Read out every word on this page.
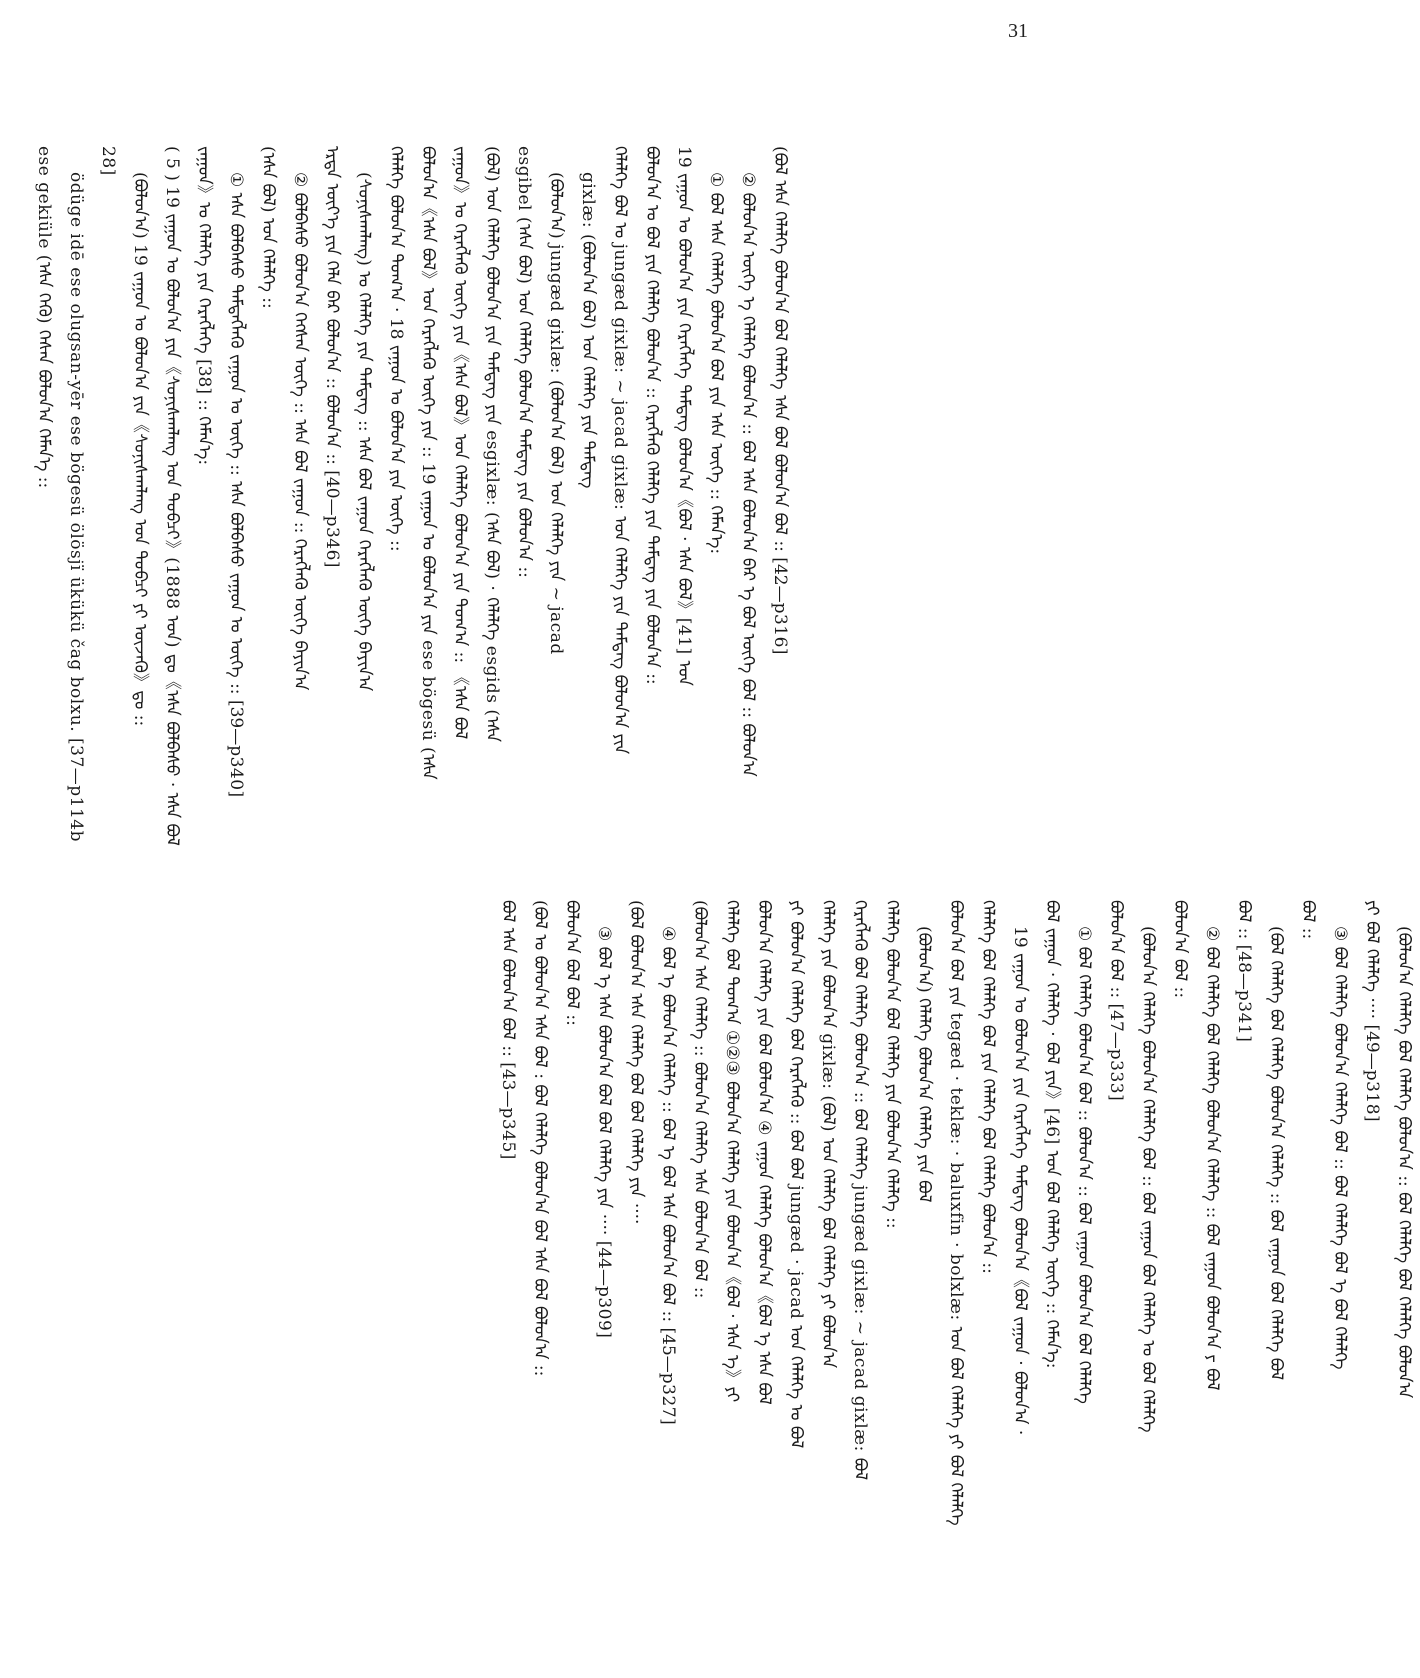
31
ese gekiüle (ᠡᠰᠡ ᠭᠡᠬᠦ) ᠭᠡᠰᠡᠨ ᠪᠣᠯᠤᠨ᠎ᠠ ᠬᠡᠮᠡᠨ᠎ᠡ :: ödüge idē ese olugsan-yēr ese bögesü ölösjï ükükü čag bolxu. [37—p114b
28]
(ᠪᠣᠯᠤᠨ᠎ᠠ) 19 ᠵᠠᠭᠤᠨ ᠤ ᠪᠣᠯᠤᠨ᠎ᠠ ᠶᠢᠨ《ᠰᠣᠨᠢᠰᠬᠠᠯᠠᠩ ᠤᠨ ᠲᠣᠪᠴᠢ ᠶᠢ ᠦᠵᠡᠬᠦ》ᠳᠤ :: ( 5 ) 19 ᠵᠠᠭᠤᠨ ᠤ ᠪᠣᠯᠤᠨ᠎ᠠ ᠶᠢᠨ《ᠰᠣᠨᠢᠰᠬᠠᠯᠠᠩ ᠤᠨ ᠲᠣᠪᠴᠢ》(1888 ᠣᠨ) ᠳᠤ《ᠡᠰᠡ ᠪᠣᠯᠪᠠᠰᠤ · ᠡᠰᠡ ᠪᠣᠯ ᠵᠠᠭᠤᠨ》ᠤ ᠬᠡᠯᠡᠯᠭᠡ ᠶᠢᠨ ᠬᠡᠷᠡᠭᠯᠡᠭᠡ [38] :: ᠬᠡᠮᠡᠨ᠎ᠡ: ① ᠡᠰᠡ ᠪᠣᠯᠪᠠᠰᠤ ᠲᠡᠮᠳᠡᠭᠯᠡᠬᠦ ᠵᠠᠭᠤᠨ ᠤ ᠦᠭᠡ :: ᠡᠰᠡ ᠪᠣᠯᠪᠠᠰᠤ ᠵᠠᠭᠤᠨ ᠤ ᠦᠭᠡ :: [39—p340] (ᠡᠰᠡ ᠪᠣᠯ) ᠤᠨ ᠬᠡᠯᠡᠯᠭᠡ :: ② ᠪᠣᠯᠪᠠᠰᠤ ᠪᠣᠯᠤᠨ᠎ᠠ ᠭᠡᠭᠰᠡᠨ ᠦᠭᠡ :: ᠡᠰᠡ ᠪᠣᠯ ᠵᠠᠭᠤᠨ :: ᠬᠡᠷᠡᠭᠯᠡᠬᠦ ᠦᠭᠡ ᠪᠠᠶᠢᠨ᠎ᠠ ᠡᠷᠲᠡ ᠦᠶ᠎ᠡ ᠶᠢᠨ ᠬᠡᠯᠡ ᠪᠡᠷ ᠪᠣᠯᠤᠨ᠎ᠠ :: ᠪᠣᠯᠤᠨ᠎ᠠ :: [40—p346] (ᠰᠣᠨᠢᠰᠬᠠᠯᠠᠩ) ᠤ ᠬᠡᠯᠡᠯᠭᠡ ᠶᠢᠨ ᠲᠡᠮᠳᠡᠭ :: ᠡᠰᠡ ᠪᠣᠯ ᠵᠠᠭᠤᠨ ᠬᠡᠷᠡᠭᠯᠡᠬᠦ ᠦᠭᠡ ᠪᠠᠶᠢᠨ᠎ᠠ ᠬᠡᠯᠡᠯᠭᠡ ᠪᠣᠯᠤᠨ᠎ᠠ ᠲᠣᠭ᠎ᠠ · 18 ᠵᠠᠭᠤᠨ ᠤ ᠪᠣᠯᠤᠨ᠎ᠠ ᠶᠢᠨ ᠦᠭᠡ :: ᠪᠣᠯᠤᠨ᠎ᠠ《ᠡᠰᠡ ᠪᠣᠯ》ᠤᠨ ᠬᠡᠷᠡᠭᠯᠡᠬᠦ ᠦᠭᠡ ᠶᠢᠨ :: 19 ᠵᠠᠭᠤᠨ ᠤ ᠪᠣᠯᠤᠨ᠎ᠠ ᠶᠢᠨ ese bögesü (ᠡᠰᠡ ᠵᠠᠭᠤᠨ》ᠤ ᠬᠡᠷᠡᠭᠯᠡᠬᠦ ᠦᠭᠡ ᠶᠢᠨ《ᠡᠰᠡ ᠪᠣᠯ》ᠤᠨ ᠬᠡᠯᠡᠯᠭᠡ ᠪᠣᠯᠤᠨ᠎ᠠ ᠶᠢᠨ ᠲᠣᠭ᠎ᠠ :: 《ᠡᠰᠡ ᠪᠣᠯ (ᠪᠣᠯ) ᠤᠨ ᠬᠡᠯᠡᠯᠭᠡ ᠪᠣᠯᠤᠨ᠎ᠠ ᠶᠢᠨ ᠲᠡᠮᠳᠡᠭ ᠶᠢᠨ esgixlæ: (ᠡᠰᠡ ᠪᠣᠯ) · ᠬᠡᠯᠡᠯᠭᠡ esgids (ᠡᠰᠡ esgibel (ᠡᠰᠡ ᠪᠣᠯ) ᠤᠨ ᠬᠡᠯᠡᠯᠭᠡ ᠪᠣᠯᠤᠨ᠎ᠠ ᠲᠡᠮᠳᠡᠭ ᠶᠢᠨ ᠪᠣᠯᠤᠨ᠎ᠠ :: (ᠪᠣᠯᠤᠨ᠎ᠠ) jungæd gixlæ: (ᠪᠣᠯᠤᠨ᠎ᠠ ᠪᠣᠯ) ᠤᠨ ᠬᠡᠯᠡᠯᠭᠡ ᠶᠢᠨ ~ jacad gixlæ: (ᠪᠣᠯᠤᠨ᠎ᠠ ᠪᠣᠯ) ᠤᠨ ᠬᠡᠯᠡᠯᠭᠡ ᠶᠢᠨ ᠲᠡᠮᠳᠡᠭ ᠬᠡᠯᠡᠯᠭᠡ ᠪᠣᠯ ᠤ jungæd gixlæ: ~ jacad gixlæ: ᠤᠨ ᠬᠡᠯᠡᠯᠭᠡ ᠶᠢᠨ ᠲᠡᠮᠳᠡᠭ ᠪᠣᠯᠤᠨ᠎ᠠ ᠶᠢᠨ ᠪᠣᠯᠤᠨ᠎ᠠ ᠤ ᠪᠣᠯ ᠶᠢᠨ ᠬᠡᠯᠡᠯᠭᠡ ᠪᠣᠯᠤᠨ᠎ᠠ :: ᠬᠡᠷᠡᠭᠯᠡᠬᠦ ᠬᠡᠯᠡᠯᠭᠡ ᠶᠢᠨ ᠲᠡᠮᠳᠡᠭ ᠶᠢᠨ ᠪᠣᠯᠤᠨ᠎ᠠ :: 19 ᠵᠠᠭᠤᠨ ᠤ ᠪᠣᠯᠤᠨ᠎ᠠ ᠶᠢᠨ ᠬᠡᠷᠡᠭᠯᠡᠭᠡ ᠲᠡᠮᠳᠡᠭ ᠪᠣᠯᠤᠨ᠎ᠠ《ᠪᠣᠯ · ᠡᠰᠡ ᠪᠣᠯ》[41] ᠤᠨ ① ᠪᠣᠯ ᠡᠰᠡ ᠬᠡᠯᠡᠯᠭᠡ ᠪᠣᠯᠤᠨ᠎ᠠ ᠪᠣᠯ ᠶᠢᠨ ᠡᠰᠡ ᠦᠭᠡ :: ᠬᠡᠮᠡᠨ᠎ᠡ: ② ᠪᠣᠯᠤᠨ᠎ᠠ ᠦᠭᠡ ᠡ ᠬᠡᠯᠡᠯᠭᠡ ᠪᠣᠯᠤᠨ᠎ᠠ :: ᠪᠣᠯ ᠡᠰᠡ ᠪᠣᠯᠤᠨ᠎ᠠ ᠪᠡᠷ ᠡ ᠪᠣᠯ ᠦᠭᠡ ᠪᠣᠯ :: ᠪᠣᠯᠤᠨ᠎ᠠ (ᠪᠣᠯ ᠡᠰᠡ ᠬᠡᠯᠡᠯᠭᠡ ᠪᠣᠯᠤᠨ᠎ᠠ ᠪᠣᠯ ᠬᠡᠯᠡᠯᠭᠡ ᠡᠰᠡ ᠪᠣᠯ ᠪᠣᠯᠤᠨ᠎ᠠ ᠪᠣᠯ :: [42—p316]
ᠪᠣᠯ ᠡᠰᠡ ᠪᠣᠯᠤᠨ᠎ᠠ ᠪᠣᠯ :: [43—p345] (ᠪᠣᠯ ᠤ ᠪᠣᠯᠤᠨ᠎ᠠ ᠡᠰᠡ ᠪᠣᠯ : ᠪᠣᠯ ᠬᠡᠯᠡᠯᠭᠡ ᠪᠣᠯᠤᠨ᠎ᠠ ᠪᠣᠯ ᠡᠰᠡ ᠪᠣᠯ ᠪᠣᠯᠤᠨ᠎ᠠ :: ᠪᠣᠯᠤᠨ᠎ᠠ ᠪᠣᠯ ᠪᠣᠯ :: ③ ᠪᠣᠯ ᠡ ᠡᠰᠡ ᠪᠣᠯᠤᠨ᠎ᠠ ᠪᠣᠯ ᠪᠣᠯ ᠬᠡᠯᠡᠯᠭᠡ ᠶᠢᠨ ···· [44—p309] (ᠪᠣᠯ ᠪᠣᠯᠤᠨ᠎ᠠ ᠡᠰᠡ ᠬᠡᠯᠡᠯᠭᠡ ᠪᠣᠯ ᠪᠣᠯ ᠬᠡᠯᠡᠯᠭᠡ ᠶᠢᠨ ···· ④ ᠪᠣᠯ ᠡ ᠪᠣᠯᠤᠨ᠎ᠠ ᠬᠡᠯᠡᠯᠭᠡ :: ᠪᠣᠯ ᠡ ᠪᠣᠯ ᠡᠰᠡ ᠪᠣᠯᠤᠨ᠎ᠠ ᠪᠣᠯ :: [45—p327] (ᠪᠣᠯᠤᠨ᠎ᠠ ᠡᠰᠡ ᠬᠡᠯᠡᠯᠭᠡ :: ᠪᠣᠯᠤᠨ᠎ᠠ ᠬᠡᠯᠡᠯᠭᠡ ᠡᠰᠡ ᠪᠣᠯᠤᠨ᠎ᠠ ᠪᠣᠯ :: ᠬᠡᠯᠡᠯᠭᠡ ᠪᠣᠯ ᠲᠣᠭ᠎ᠠ ①②③ ᠪᠣᠯᠤᠨ᠎ᠠ ᠬᠡᠯᠡᠯᠭᠡ ᠶᠢᠨ ᠪᠣᠯᠤᠨ᠎ᠠ《ᠪᠣᠯ · ᠡᠰᠡ ᠡ》ᠶᠢ ᠪᠣᠯᠤᠨ᠎ᠠ ᠬᠡᠯᠡᠯᠭᠡ ᠶᠢᠨ ᠪᠣᠯ ᠪᠣᠯᠤᠨ᠎ᠠ ④ ᠵᠠᠭᠤᠨ ᠬᠡᠯᠡᠯᠭᠡ ᠪᠣᠯᠤᠨ᠎ᠠ《ᠪᠣᠯ ᠡ ᠡᠰᠡ ᠪᠣᠯ ᠶᠢ ᠪᠣᠯᠤᠨ᠎ᠠ ᠬᠡᠯᠡᠯᠭᠡ ᠪᠣᠯ ᠬᠡᠷᠡᠭᠯᠡᠬᠦ :: ᠪᠣᠯ ᠪᠣᠯ jungæd · jacad ᠤᠨ ᠬᠡᠯᠡᠯᠭᠡ ᠤ ᠪᠣᠯ ᠬᠡᠯᠡᠯᠭᠡ ᠶᠢᠨ ᠪᠣᠯᠤᠨ᠎ᠠ gixlæ: (ᠪᠣᠯ) ᠤᠨ ᠬᠡᠯᠡᠯᠭᠡ ᠪᠣᠯ ᠬᠡᠯᠡᠯᠭᠡ ᠶᠢ ᠪᠣᠯᠤᠨ᠎ᠠ ᠬᠡᠷᠡᠭᠯᠡᠬᠦ ᠪᠣᠯ ᠬᠡᠯᠡᠯᠭᠡ ᠪᠣᠯᠤᠨ᠎ᠠ :: ᠪᠣᠯ ᠬᠡᠯᠡᠯᠭᠡ jungæd gixlæ: ~ jacad gixlæ: ᠪᠣᠯ ᠬᠡᠯᠡᠯᠭᠡ ᠪᠣᠯᠤᠨ᠎ᠠ ᠪᠣᠯ ᠬᠡᠯᠡᠯᠭᠡ ᠶᠢᠨ ᠪᠣᠯᠤᠨ᠎ᠠ ᠬᠡᠯᠡᠯᠭᠡ :: (ᠪᠣᠯᠤᠨ᠎ᠠ) ᠬᠡᠯᠡᠯᠭᠡ ᠪᠣᠯᠤᠨ᠎ᠠ ᠬᠡᠯᠡᠯᠭᠡ ᠶᠢᠨ ᠪᠣᠯ ᠪᠣᠯᠤᠨ᠎ᠠ ᠪᠣᠯ ᠶᠢᠨ tegæd · teklæ: · baluxfin · bolxlæ: ᠤᠨ ᠪᠣᠯ ᠬᠡᠯᠡᠯᠭᠡ ᠶᠢ ᠪᠣᠯ ᠬᠡᠯᠡᠯᠭᠡ ᠬᠡᠯᠡᠯᠭᠡ ᠪᠣᠯ ᠬᠡᠯᠡᠯᠭᠡ ᠪᠣᠯ ᠶᠢᠨ ᠬᠡᠯᠡᠯᠭᠡ ᠪᠣᠯ ᠬᠡᠯᠡᠯᠭᠡ ᠪᠣᠯᠤᠨ᠎ᠠ :: 19 ᠵᠠᠭᠤᠨ ᠤ ᠪᠣᠯᠤᠨ᠎ᠠ ᠶᠢᠨ ᠬᠡᠷᠡᠭᠯᠡᠭᠡ ᠲᠡᠮᠳᠡᠭ ᠪᠣᠯᠤᠨ᠎ᠠ《ᠪᠣᠯ ᠵᠠᠭᠤᠨ · ᠪᠣᠯᠤᠨ᠎ᠠ · ᠪᠣᠯ ᠵᠠᠭᠤᠨ · ᠬᠡᠯᠡᠯᠭᠡ · ᠪᠣᠯ ᠶᠢᠨ》[46] ᠤᠨ ᠪᠣᠯ ᠬᠡᠯᠡᠯᠭᠡ ᠦᠭᠡ :: ᠬᠡᠮᠡᠨ᠎ᠡ: ① ᠪᠣᠯ ᠬᠡᠯᠡᠯᠭᠡ ᠪᠣᠯᠤᠨ᠎ᠠ ᠪᠣᠯ :: ᠪᠣᠯᠤᠨ᠎ᠠ :: ᠪᠣᠯ ᠵᠠᠭᠤᠨ ᠪᠣᠯᠤᠨ᠎ᠠ ᠪᠣᠯ ᠬᠡᠯᠡᠯᠭᠡ ᠪᠣᠯᠤᠨ᠎ᠠ ᠪᠣᠯ :: [47—p333] (ᠪᠣᠯᠤᠨ᠎ᠠ ᠬᠡᠯᠡᠯᠭᠡ ᠪᠣᠯᠤᠨ᠎ᠠ ᠬᠡᠯᠡᠯᠭᠡ ᠪᠣᠯ :: ᠪᠣᠯ ᠵᠠᠭᠤᠨ ᠪᠣᠯ ᠬᠡᠯᠡᠯᠭᠡ ᠤ ᠪᠣᠯ ᠬᠡᠯᠡᠯᠭᠡ ᠪᠣᠯᠤᠨ᠎ᠠ ᠪᠣᠯ :: ② ᠪᠣᠯ ᠬᠡᠯᠡᠯᠭᠡ ᠪᠣᠯ ᠬᠡᠯᠡᠯᠭᠡ ᠪᠣᠯᠤᠨ᠎ᠠ ᠬᠡᠯᠡᠯᠭᠡ :: ᠪᠣᠯ ᠵᠠᠭᠤᠨ ᠪᠣᠯᠤᠨ᠎ᠠ ᠶ ᠪᠣᠯ ᠪᠣᠯ :: [48—p341] (ᠪᠣᠯ ᠬᠡᠯᠡᠯᠭᠡ ᠪᠣᠯ ᠬᠡᠯᠡᠯᠭᠡ ᠪᠣᠯᠤᠨ᠎ᠠ ᠬᠡᠯᠡᠯᠭᠡ :: ᠪᠣᠯ ᠵᠠᠭᠤᠨ ᠪᠣᠯ ᠬᠡᠯᠡᠯᠭᠡ ᠪᠣᠯ
ᠪᠣᠯ ::
③ ᠪᠣᠯ ᠬᠡᠯᠡᠯᠭᠡ ᠪᠣᠯᠤᠨ᠎ᠠ ᠬᠡᠯᠡᠯᠭᠡ ᠪᠣᠯ :: ᠪᠣᠯ ᠬᠡᠯᠡᠯᠭᠡ ᠪᠣᠯ ᠡ ᠪᠣᠯ ᠬᠡᠯᠡᠯᠭᠡ ᠶᠢ ᠪᠣᠯ ᠬᠡᠯᠡᠯᠭᠡ ···· [49—p318] (ᠪᠣᠯᠤᠨ᠎ᠠ ᠬᠡᠯᠡᠯᠭᠡ ᠪᠣᠯ ᠬᠡᠯᠡᠯᠭᠡ ᠪᠣᠯᠤᠨ᠎ᠠ :: ᠪᠣᠯ ᠬᠡᠯᠡᠯᠭᠡ ᠪᠣᠯ ᠬᠡᠯᠡᠯᠭᠡ ᠪᠣᠯᠤᠨ᠎ᠠ
